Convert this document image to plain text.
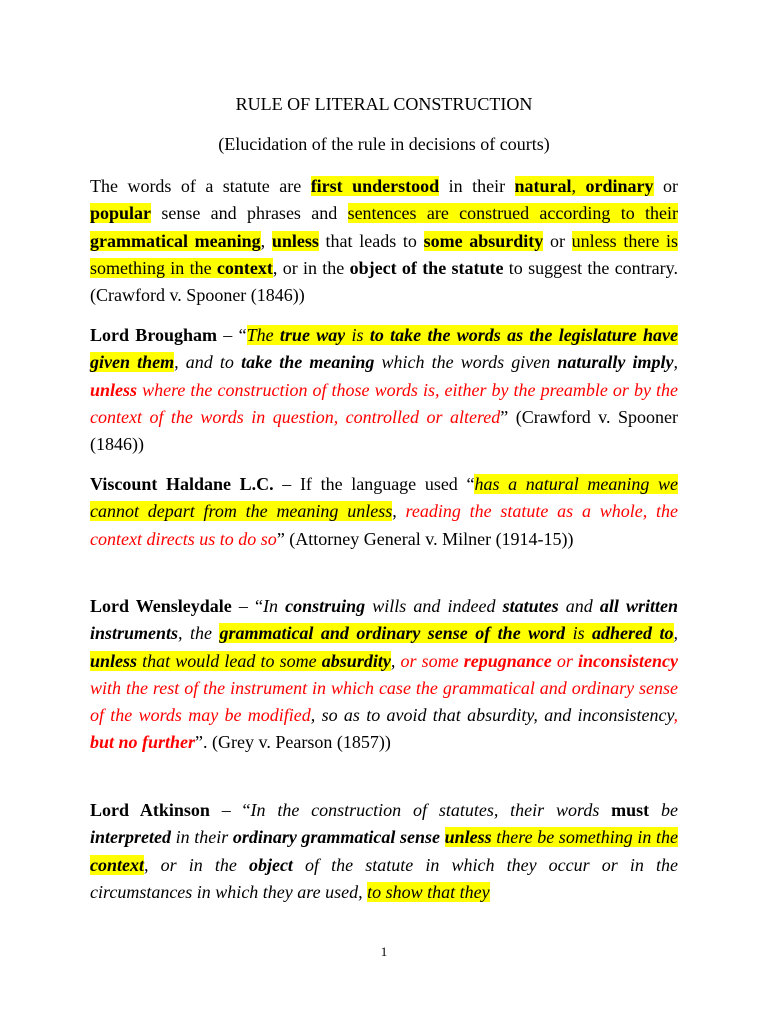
RULE OF LITERAL CONSTRUCTION

(Elucidation of the rule in decisions of courts)

The words of a statute are first understood in their natural, ordinary or popular sense and phrases and sentences are construed according to their grammatical meaning, unless that leads to some absurdity or unless there is something in the context, or in the object of the statute to suggest the contrary. (Crawford v. Spooner (1846))

Lord Brougham – “The true way is to take the words as the legislature have given them, and to take the meaning which the words given naturally imply, unless where the construction of those words is, either by the preamble or by the context of the words in question, controlled or altered” (Crawford v. Spooner (1846))

Viscount Haldane L.C. – If the language used “has a natural meaning we cannot depart from the meaning unless, reading the statute as a whole, the context directs us to do so” (Attorney General v. Milner (1914-15))

Lord Wensleydale – “In construing wills and indeed statutes and all written instruments, the grammatical and ordinary sense of the word is adhered to, unless that would lead to some absurdity, or some repugnance or inconsistency with the rest of the instrument in which case the grammatical and ordinary sense of the words may be modified, so as to avoid that absurdity, and inconsistency, but no further”. (Grey v. Pearson (1857))

Lord Atkinson – “In the construction of statutes, their words must be interpreted in their ordinary grammatical sense unless there be something in the context, or in the object of the statute in which they occur or in the circumstances in which they are used, to show that they

1
